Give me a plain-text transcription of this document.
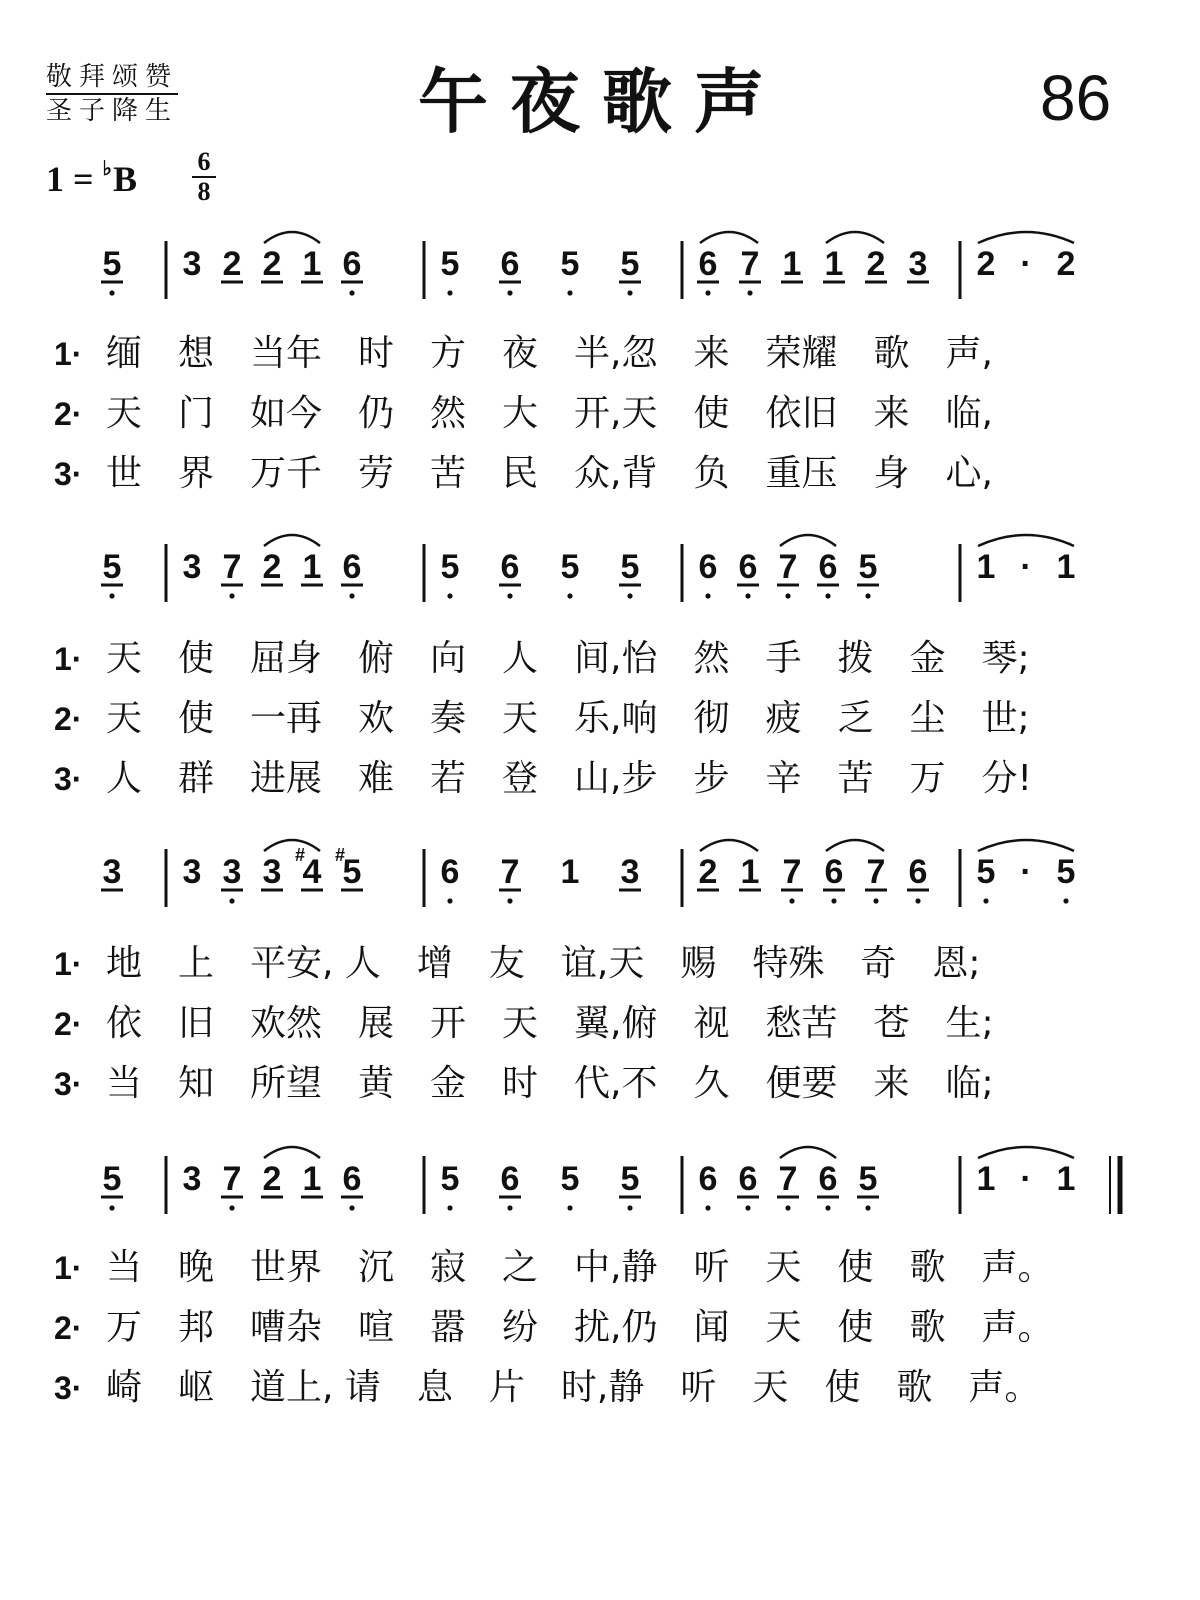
敬拜颂赞
圣子降生	午夜歌声	86
$1 = ^♭B \frac{6}{8}$
5 3 2 2 1 6 5 6 5 5 6 7 1 1 2 3 2 · 2
5 3 7 2 1 6 5 6 5 5 6 6 7 6 5	1 · 1
3 3 3 3 4
# 5
#	6 7 1 3 2 1 7 6 7 6 5 · 5
5 3 7 2 1 6 5 6 5 5 6 6 7 6 5	1 · 1
1· 缅　想　当年　时　方　夜　半,忽　来　荣耀　歌　声,
2· 天　门　如今　仍　然　大　开,天　使　依旧　来　临,
3· 世　界　万千　劳　苦　民　众,背　负　重压　身　心,
1· 天　使　屈身　俯　向　人　间,怡　然　手　拨　金　琴;
2· 天　使　一再　欢　奏　天　乐,响　彻　疲　乏　尘　世;
3· 人　群　进展　难　若　登　山,步　步　辛　苦　万　分!
1· 地　上　平安, 人　增　友　谊,天　赐　特殊　奇　恩;
2· 依　旧　欢然　展　开　天　翼,俯　视　愁苦　苍　生;
3· 当　知　所望　黄　金　时　代,不　久　便要　来　临;
1· 当　晚　世界　沉　寂　之　中,静　听　天　使　歌　声。
2· 万　邦　嘈杂　喧　嚣　纷　扰,仍　闻　天　使　歌　声。
3· 崎　岖　道上, 请　息　片　时,静　听　天　使　歌　声。
